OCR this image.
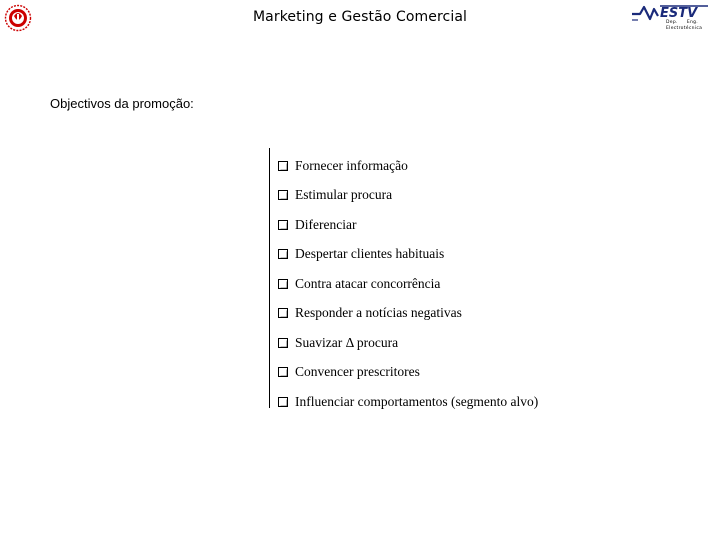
Marketing e Gestão Comercial	ESTV
Dep. Eng.
Electrotécnica
Objectivos da promoção:
Fornecer informação
Estimular procura
Diferenciar
Despertar clientes habituais
Contra atacar concorrência
Responder a notícias negativas
Suavizar Δ procura
Convencer prescritores
Influenciar comportamentos (segmento alvo)
